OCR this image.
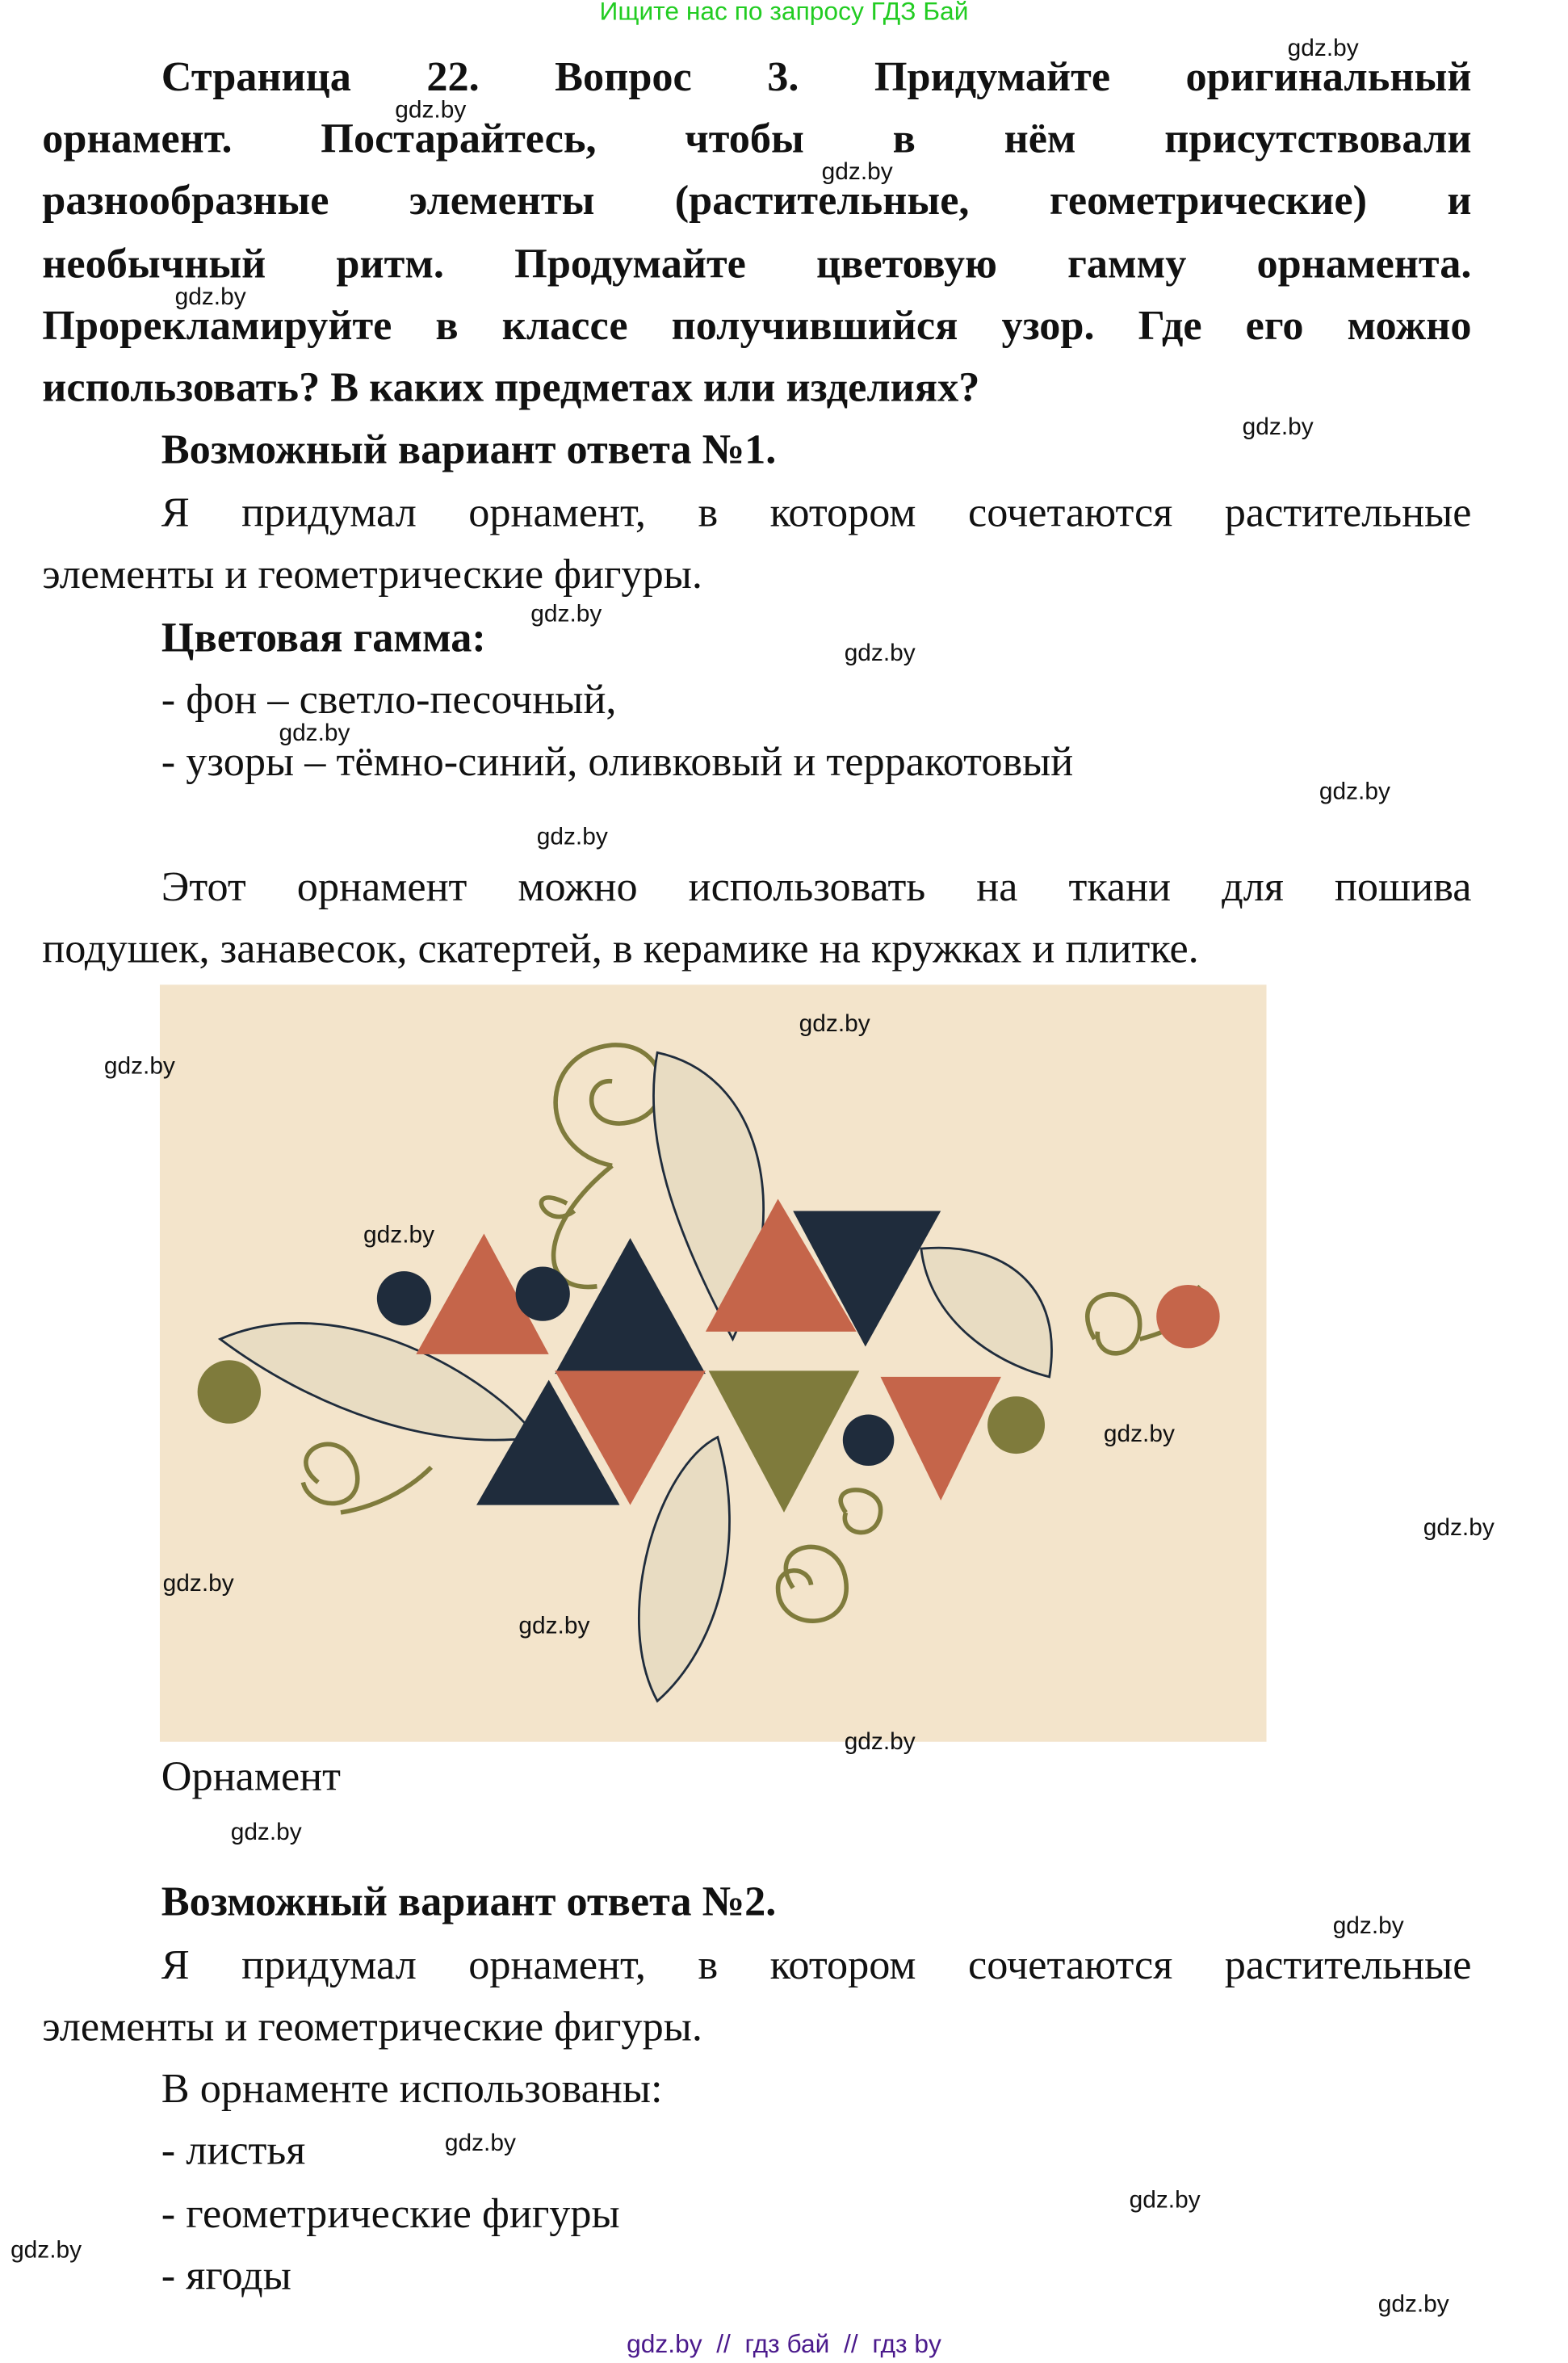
Ищите нас по запросу ГДЗ Бай
Страница 22. Вопрос 3. Придумайте оригинальный
орнамент. Постарайтесь, чтобы в нём присутствовали
разнообразные элементы (растительные, геометрические) и
необычный ритм. Продумайте цветовую гамму орнамента.
Прорекламируйте в классе получившийся узор. Где его можно
использовать? В каких предметах или изделиях?
Возможный вариант ответа №1.
Я придумал орнамент, в котором сочетаются растительные
элементы и геометрические фигуры.
Цветовая гамма:
- фон – светло-песочный,
- узоры – тёмно-синий, оливковый и терракотовый
Этот орнамент можно использовать на ткани для пошива
подушек, занавесок, скатертей, в керамике на кружках и плитке.
Орнамент
Возможный вариант ответа №2.
Я придумал орнамент, в котором сочетаются растительные
элементы и геометрические фигуры.
В орнаменте использованы:
- листья
- геометрические фигуры
- ягоды
gdz.by
gdz.by
gdz.by
gdz.by
gdz.by
gdz.by
gdz.by
gdz.by
gdz.by
gdz.by
gdz.by
gdz.by
gdz.by
gdz.by
gdz.by
gdz.by
gdz.by
gdz.by
gdz.by
gdz.by
gdz.by
gdz.by
gdz.by
gdz.by
gdz.by  //  гдз бай  //  гдз by
